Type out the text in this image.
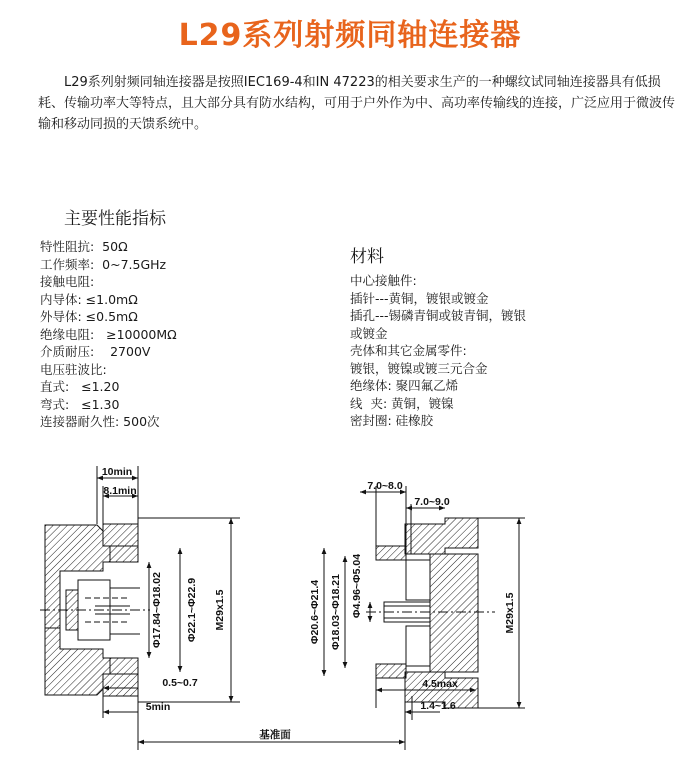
L29系列射频同轴连接器
L29系列射频同轴连接器是按照IEC169-4和IN 47223的相关要求生产的一种螺纹试同轴连接器具有低损耗、传输功率大等特点，且大部分具有防水结构，可用于户外作为中、高功率传输线的连接，广泛应用于微波传输和移动同损的天馈系统中。
主要性能指标
特性阻抗:  50Ω
工作频率:  0~7.5GHz
接触电阻:
内导体: ≤1.0mΩ
外导体: ≤0.5mΩ
绝缘电阻:   ≥10000MΩ
介质耐压:    2700V
电压驻波比:
直式:   ≤1.20
弯式:   ≤1.30
连接器耐久性: 500次
材料
中心接触件:
插针---黄铜，镀银或镀金
插孔---锡磷青铜或铍青铜，镀银
或镀金
壳体和其它金属零件:
镀银，镀镍或镀三元合金
绝缘体: 聚四氟乙烯
线  夹: 黄铜，镀镍
密封圈: 硅橡胶
10min
8.1min
Φ17.84~Φ18.02 Φ22.1~Φ22.9 M29x1.5
0.5~0.7
5min
7.0~8.0
7.0~9.0
Φ20.6~Φ21.4 Φ18.03~Φ18.21 Φ4.96~Φ5.04	M29x1.5
4.5max
1.4~1.6
基准面
